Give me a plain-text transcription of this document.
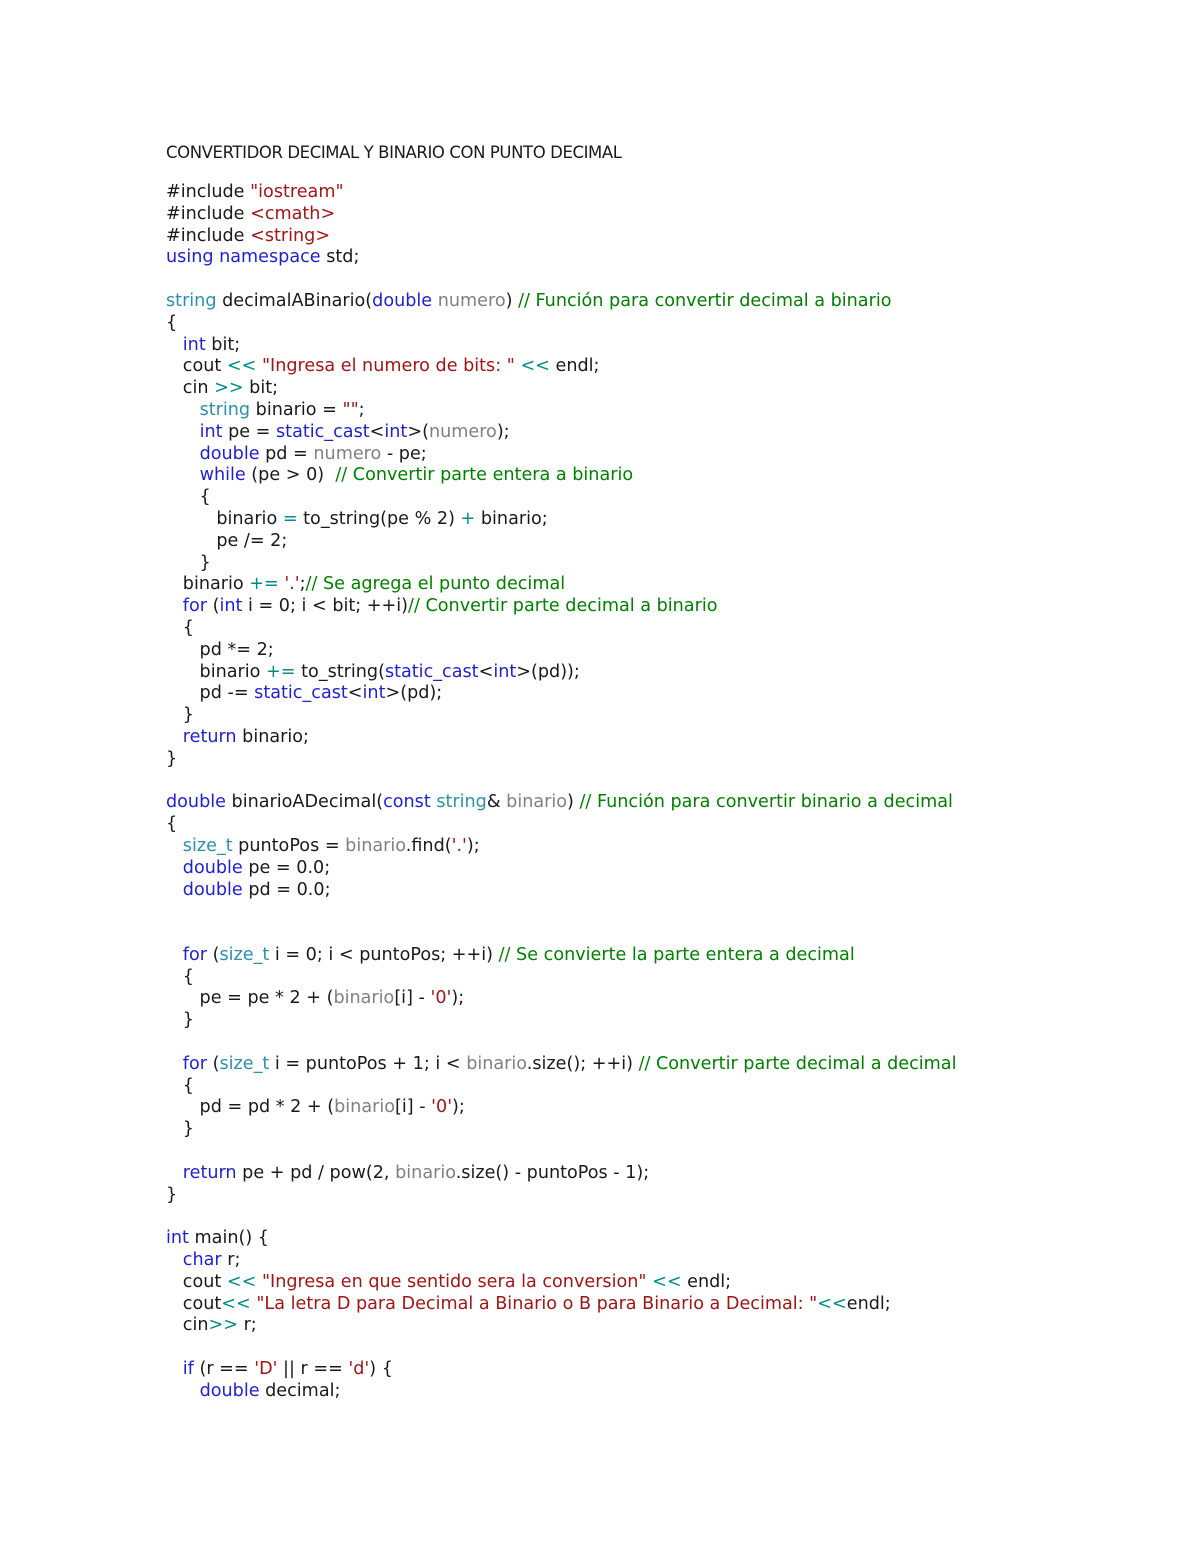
CONVERTIDOR DECIMAL Y BINARIO CON PUNTO DECIMAL
#include "iostream"
#include <cmath>
#include <string>
using namespace std;

string decimalABinario(double numero) // Función para convertir decimal a binario
{
int bit;
cout << "Ingresa el numero de bits: " << endl;
cin >> bit;
string binario = "";
int pe = static_cast<int>(numero);
double pd = numero - pe;
while (pe > 0)  // Convertir parte entera a binario
{
binario = to_string(pe % 2) + binario;
pe /= 2;
}
binario += '.';// Se agrega el punto decimal
for (int i = 0; i < bit; ++i)// Convertir parte decimal a binario
{
pd *= 2;
binario += to_string(static_cast<int>(pd));
pd -= static_cast<int>(pd);
}
return binario;
}

double binarioADecimal(const string& binario) // Función para convertir binario a decimal
{
size_t puntoPos = binario.find('.');
double pe = 0.0;
double pd = 0.0;

for (size_t i = 0; i < puntoPos; ++i) // Se convierte la parte entera a decimal
{
pe = pe * 2 + (binario[i] - '0');
}

for (size_t i = puntoPos + 1; i < binario.size(); ++i) // Convertir parte decimal a decimal
{
pd = pd * 2 + (binario[i] - '0');
}

return pe + pd / pow(2, binario.size() - puntoPos - 1);
}

int main() {
char r;
cout << "Ingresa en que sentido sera la conversion" << endl;
cout<< "La letra D para Decimal a Binario o B para Binario a Decimal: "<<endl;
cin>> r;

if (r == 'D' || r == 'd') {
double decimal;
